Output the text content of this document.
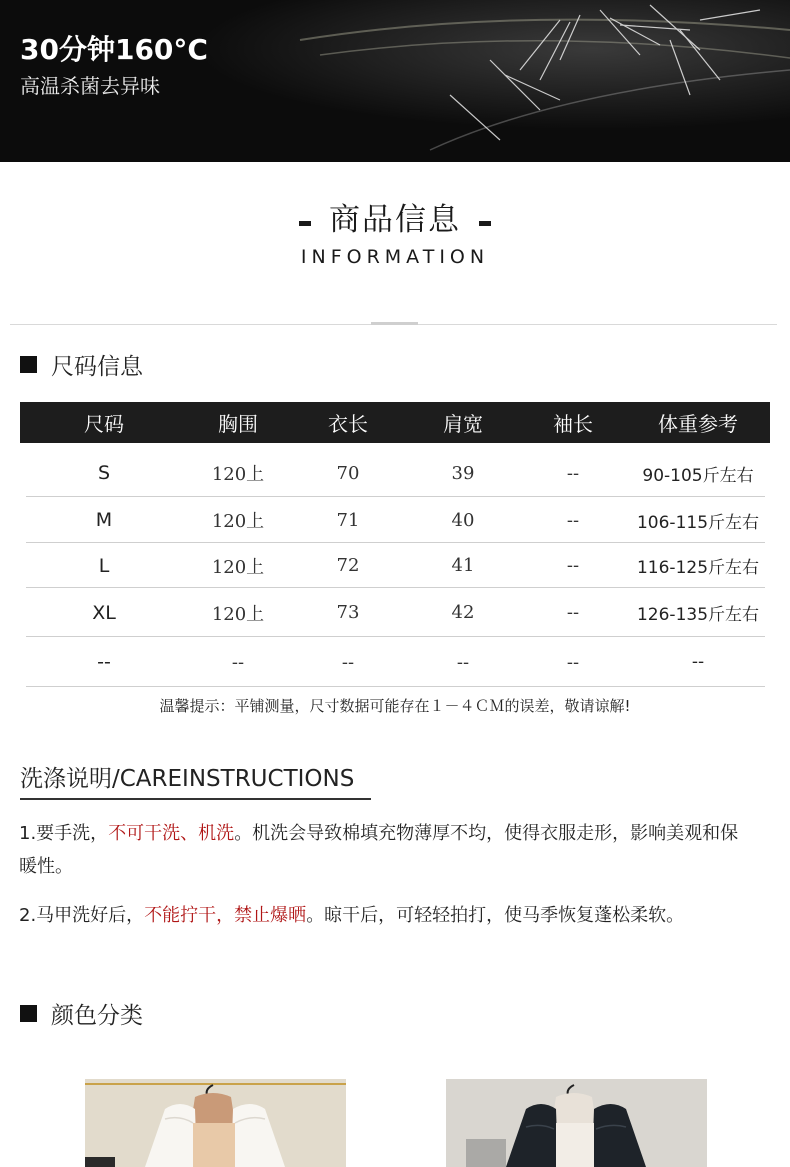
30分钟160°C
高温杀菌去异味
商品信息
INFORMATION
尺码信息
尺码	胸围	衣长	肩宽	袖长	体重参考
S	120上	70	39	--	90-105斤左右
M	120上	71	40	--	106-115斤左右
L	120上	72	41	--	116-125斤左右
XL	120上	73	42	--	126-135斤左右
--	--	--	--	--	--
温馨提示：平铺测量，尺寸数据可能存在１－４ＣＭ的误差，敬请谅解!
洗涤说明/CAREINSTRUCTIONS
1.要手洗，不可干洗、机洗。机洗会导致棉填充物薄厚不均，使得衣服走形，影响美观和保暖性。
2.马甲洗好后，不能拧干，禁止爆晒。晾干后，可轻轻拍打，使马季恢复蓬松柔软。
颜色分类
